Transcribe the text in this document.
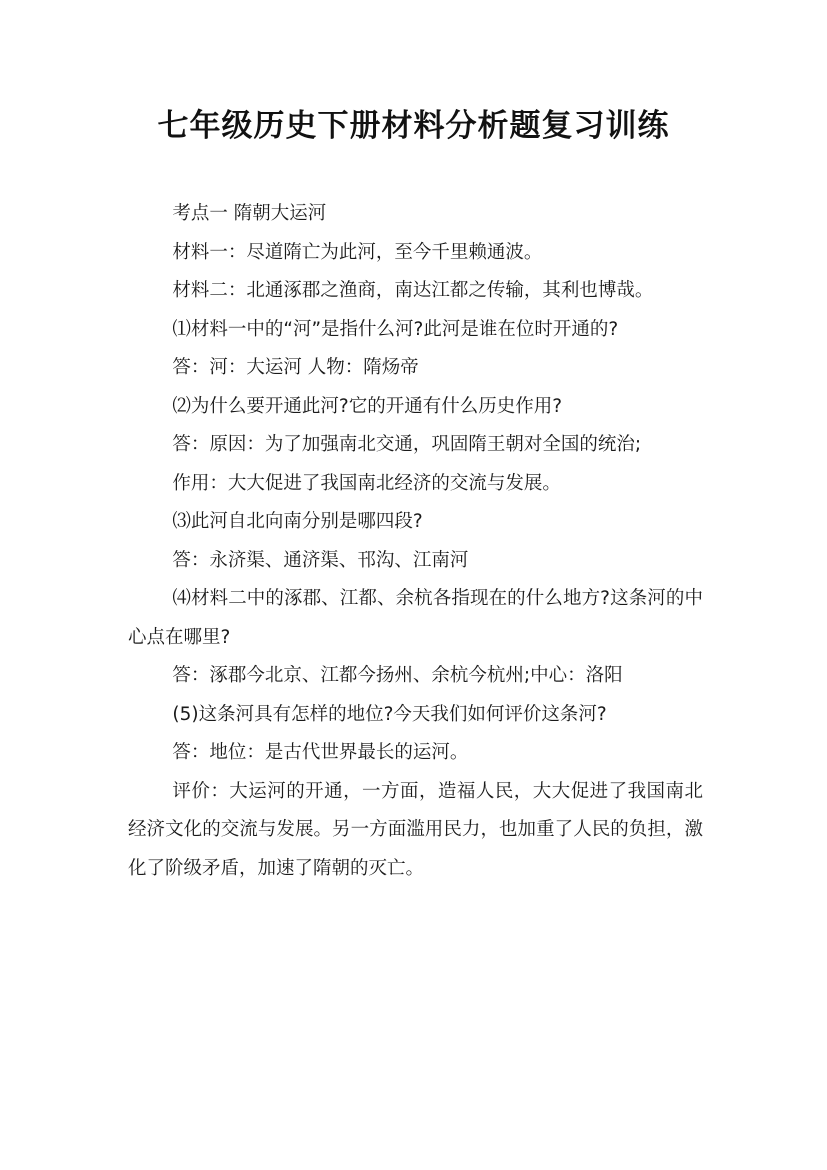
七年级历史下册材料分析题复习训练

考点一 隋朝大运河

材料一：尽道隋亡为此河，至今千里赖通波。

材料二：北通涿郡之渔商，南达江都之传输，其利也博哉。

⑴材料一中的“河”是指什么河?此河是谁在位时开通的?

答：河：大运河 人物：隋炀帝

⑵为什么要开通此河?它的开通有什么历史作用?

答：原因：为了加强南北交通，巩固隋王朝对全国的统治;

作用：大大促进了我国南北经济的交流与发展。

⑶此河自北向南分别是哪四段?

答：永济渠、通济渠、邗沟、江南河

⑷材料二中的涿郡、江都、余杭各指现在的什么地方?这条河的中心点在哪里?

答：涿郡今北京、江都今扬州、余杭今杭州;中心：洛阳

(5)这条河具有怎样的地位?今天我们如何评价这条河?

答：地位：是古代世界最长的运河。

评价：大运河的开通，一方面，造福人民，大大促进了我国南北经济文化的交流与发展。另一方面滥用民力，也加重了人民的负担，激化了阶级矛盾，加速了隋朝的灭亡。
